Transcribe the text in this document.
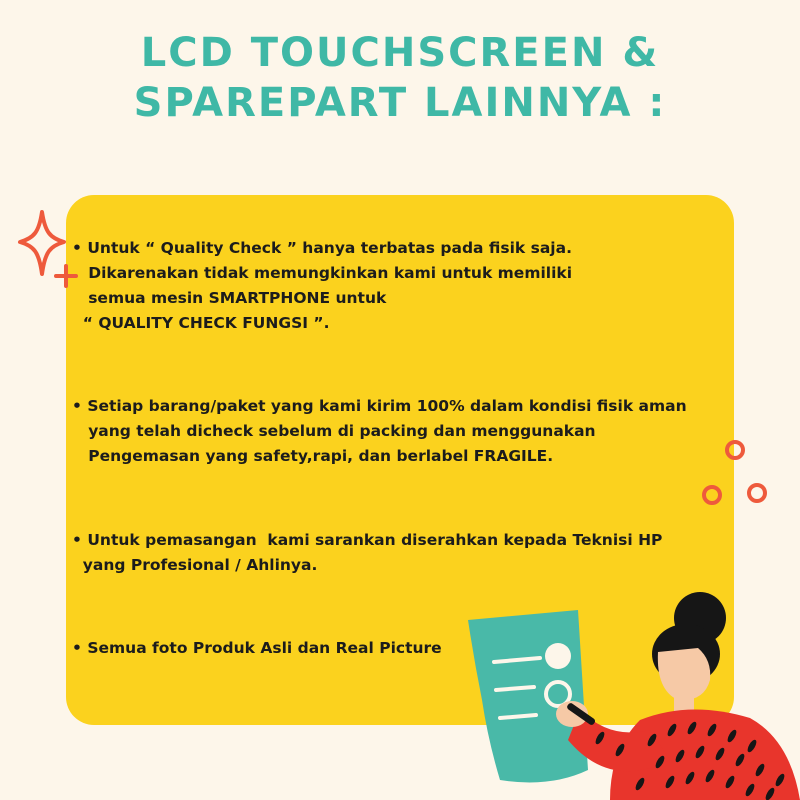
LCD TOUCHSCREEN &
SPAREPART LAINNYA :
• Untuk “ Quality Check ” hanya terbatas pada fisik saja.
Dikarenakan tidak memungkinkan kami untuk memiliki
semua mesin SMARTPHONE untuk
“ QUALITY CHECK FUNGSI ”.
• Setiap barang/paket yang kami kirim 100% dalam kondisi fisik aman
yang telah dicheck sebelum di packing dan menggunakan
Pengemasan yang safety,rapi, dan berlabel FRAGILE.
• Untuk pemasangan  kami sarankan diserahkan kepada Teknisi HP
yang Profesional / Ahlinya.
• Semua foto Produk Asli dan Real Picture
